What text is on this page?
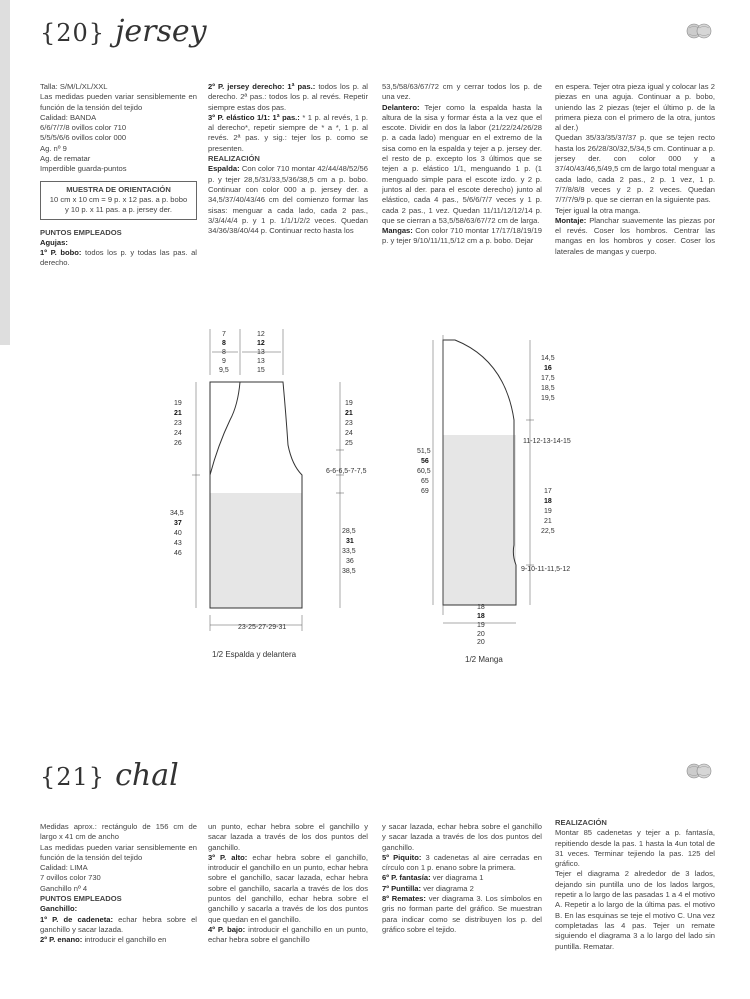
{20} jersey

Talla: S/M/L/XL/XXL

Las medidas pueden variar sensiblemente en función de la tensión del tejido

Calidad: BANDA

6/6/7/7/8 ovillos color 710

5/5/5/6/6 ovillos color 000

Ag. nº 9

Ag. de rematar

Imperdible guarda-puntos

MUESTRA DE ORIENTACIÓN
10 cm x 10 cm = 9 p. x 12 pas. a p. bobo y 10 p. x 11 pas. a p. jersey der.

PUNTOS EMPLEADOS

Agujas:

1º P. bobo: todos los p. y todas las pas. al derecho.

2º P. jersey derecho: 1ª pas.: todos los p. al derecho. 2ª pas.: todos los p. al revés. Repetir siempre estas dos pas.

3º P. elástico 1/1: 1ª pas.: * 1 p. al revés, 1 p. al derecho*, repetir siempre de * a *, 1 p. al revés. 2ª pas. y sig.: tejer los p. como se presenten.

REALIZACIÓN

Espalda: Con color 710 montar 42/44/48/52/56 p. y tejer 28,5/31/33,5/36/38,5 cm a p. bobo. Continuar con color 000 a p. jersey der. a 34,5/37/40/43/46 cm del comienzo formar las sisas: menguar a cada lado, cada 2 pas., 3/3/4/4/4 p. y 1 p. 1/1/1/2/2 veces. Quedan 34/36/38/40/44 p. Continuar recto hasta los

53,5/58/63/67/72 cm y cerrar todos los p. de una vez.

Delantero: Tejer como la espalda hasta la altura de la sisa y formar ésta a la vez que el escote. Dividir en dos la labor (21/22/24/26/28 p. a cada lado) menguar en el extremo de la sisa como en la espalda y tejer a p. jersey der. el resto de p. excepto los 3 últimos que se tejen a p. elástico 1/1, menguando 1 p. (1 menguado simple para el escote izdo. y 2 p. juntos al der. para el escote derecho) junto al elástico, cada 4 pas., 5/6/6/7/7 veces y 1 p. cada 2 pas., 1 vez. Quedan 11/11/12/12/14 p. que se cierran a 53,5/58/63/67/72 cm de larga.

Mangas: Con color 710 montar 17/17/18/19/19 p. y tejer 9/10/11/11,5/12 cm a p. bobo. Dejar

en espera. Tejer otra pieza igual y colocar las 2 piezas en una aguja. Continuar a p. bobo, uniendo las 2 piezas (tejer el último p. de la primera pieza con el primero de la otra, juntos al der.)

Quedan 35/33/35/37/37 p. que se tejen recto hasta los 26/28/30/32,5/34,5 cm. Continuar a p. jersey der. con color 000 y a 37/40/43/46,5/49,5 cm de largo total menguar a cada lado, cada 2 pas., 2 p. 1 vez, 1 p. 7/7/8/8/8 veces y 2 p. 2 veces. Quedan 7/7/7/9/9 p. que se cierran en la siguiente pas.

Tejer igual la otra manga.

Montaje: Planchar suavemente las piezas por el revés. Coser los hombros. Centrar las mangas en los hombros y coser. Coser los laterales de mangas y cuerpo.

7
8
8
9
9,5
12
12
13
13
15
19
21
23
24
26
34,5
37
40
43
46
19
21
23
24
25
6-6-6,5-7-7,5
28,5
31
33,5
36
38,5
23-25-27-29-31
1/2 Espalda y delantera
51,5
56
60,5
65
69
14,5
16
17,5
18,5
19,5
11-12-13-14-15
17
18
19
21
22,5
9-10-11-11,5-12
18
18
19
20
20
1/2 Manga
{21} chal

Medidas aprox.: rectángulo de 156 cm de largo x 41 cm de ancho

Las medidas pueden variar sensiblemente en función de la tensión del tejido

Calidad: LIMA

7 ovillos color 730

Ganchillo nº 4

PUNTOS EMPLEADOS

Ganchillo:

1º P. de cadeneta: echar hebra sobre el ganchillo y sacar lazada.

2º P. enano: introducir el ganchillo en

un punto, echar hebra sobre el ganchillo y sacar lazada a través de los dos puntos del ganchillo.

3º P. alto: echar hebra sobre el ganchillo, introducir el ganchillo en un punto, echar hebra sobre el ganchillo, sacar lazada, echar hebra sobre el ganchillo, sacarla a través de los dos puntos del ganchillo, echar hebra sobre el ganchillo y sacarla a través de los dos puntos que quedan en el ganchillo.

4º P. bajo: introducir el ganchillo en un punto, echar hebra sobre el ganchillo

y sacar lazada, echar hebra sobre el ganchillo y sacar lazada a través de los dos puntos del ganchillo.

5º Piquito: 3 cadenetas al aire cerradas en círculo con 1 p. enano sobre la primera.

6º P. fantasía: ver diagrama 1

7º Puntilla: ver diagrama 2

8º Remates: ver diagrama 3. Los símbolos en gris no forman parte del gráfico. Se muestran para indicar como se distribuyen los p. del gráfico sobre el tejido.

REALIZACIÓN

Montar 85 cadenetas y tejer a p. fantasía, repitiendo desde la pas. 1 hasta la 4un total de 31 veces. Terminar tejiendo la pas. 125 del gráfico.

Tejer el diagrama 2 alrededor de 3 lados, dejando sin puntilla uno de los lados largos, repetir a lo largo de las pasadas 1 a 4 el motivo A. Repetir a lo largo de la última pas. el motivo B. En las esquinas se teje el motivo C. Una vez completadas las 4 pas. Tejer un remate siguiendo el diagrama 3 a lo largo del lado sin puntilla. Rematar.
